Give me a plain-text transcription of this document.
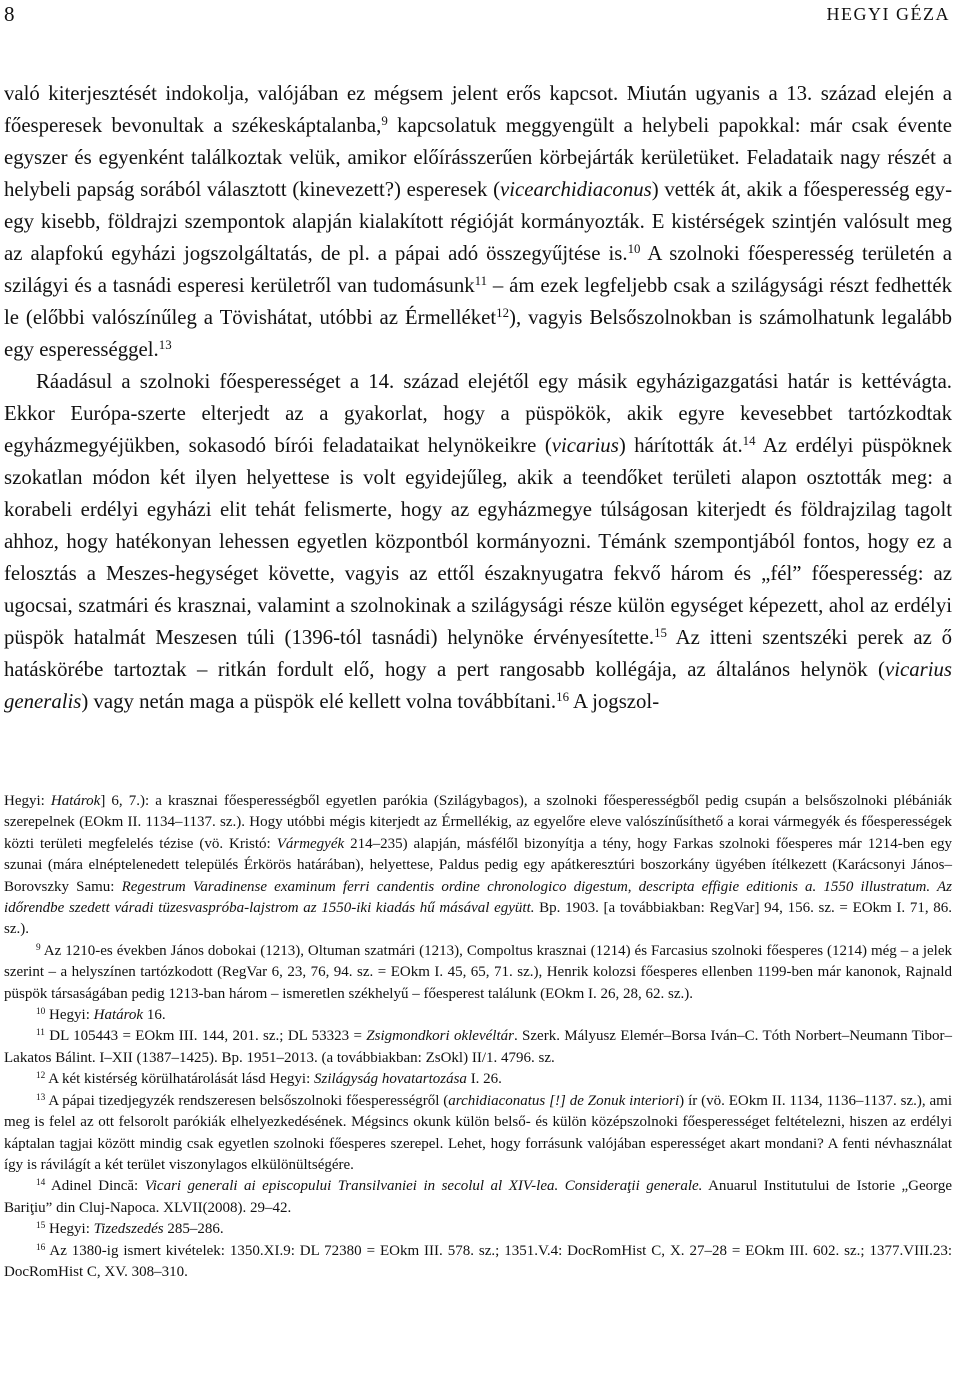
8	HEGYI GÉZA

való kiterjesztését indokolja, valójában ez mégsem jelent erős kapcsot. Miután ugyanis a 13. század elején a főesperesek bevonultak a székeskáptalanba,$^9$ kapcsolatuk meggyengült a helybeli papokkal: már csak évente egyszer és egyenként találkoztak velük, amikor előírásszerűen körbejárták kerületüket. Feladataik nagy részét a helybeli papság sorából választott (kinevezett?) esperesek (vicearchidiaconus) vették át, akik a főesperesség egy-egy kisebb, földrajzi szempontok alapján kialakított régióját kormányozták. E kistérségek szintjén valósult meg az alapfokú egyházi jogszolgáltatás, de pl. a pápai adó összegyűjtése is.$^{10}$ A szolnoki főesperesség területén a szilágyi és a tasnádi esperesi kerületről van tudomásunk$^{11}$ – ám ezek legfeljebb csak a szilágysági részt fedhették le (előbbi valószínűleg a Tövishátat, utóbbi az Érmelléket$^{12}$), vagyis Belsőszolnokban is számolhatunk legalább egy esperességgel.$^{13}$

Ráadásul a szolnoki főesperességet a 14. század elejétől egy másik egyházigazgatási határ is kettévágta. Ekkor Európa-szerte elterjedt az a gyakorlat, hogy a püspökök, akik egyre kevesebbet tartózkodtak egyházmegyéjükben, sokasodó bírói feladataikat helynökeikre (vicarius) hárították át.$^{14}$ Az erdélyi püspöknek szokatlan módon két ilyen helyettese is volt egyidejűleg, akik a teendőket területi alapon osztották meg: a korabeli erdélyi egyházi elit tehát felismerte, hogy az egyházmegye túlságosan kiterjedt és földrajzilag tagolt ahhoz, hogy hatékonyan lehessen egyetlen központból kormányozni. Témánk szempontjából fontos, hogy ez a felosztás a Meszes-hegységet követte, vagyis az ettől északnyugatra fekvő három és „fél” főesperesség: az ugocsai, szatmári és krasznai, valamint a szolnokinak a szilágysági része külön egységet képezett, ahol az erdélyi püspök hatalmát Meszesen túli (1396-tól tasnádi) helynöke érvényesítette.$^{15}$ Az itteni szentszéki perek az ő hatáskörébe tartoztak – ritkán fordult elő, hogy a pert rangosabb kollégája, az általános helynök (vicarius generalis) vagy netán maga a püspök elé kellett volna továbbítani.$^{16}$ A jogszol-

Hegyi: Határok] 6, 7.): a krasznai főesperességből egyetlen parókia (Szilágybagos), a szolnoki főesperességből pedig csupán a belsőszolnoki plébániák szerepelnek (EOkm II. 1134–1137. sz.). Hogy utóbbi mégis kiterjedt az Érmellékig, az egyelőre eleve valószínűsíthető a korai vármegyék és főesperességek közti területi megfelelés tézise (vö. Kristó: Vármegyék 214–235) alapján, másfélől bizonyítja a tény, hogy Farkas szolnoki főesperes már 1214-ben egy szunai (mára elnéptelenedett település Érkörös határában), helyettese, Paldus pedig egy apátkeresztúri boszorkány ügyében ítélkezett (Karácsonyi János–Borovszky Samu: Regestrum Varadinense examinum ferri candentis ordine chronologico digestum, descripta effigie editionis a. 1550 illustratum. Az időrendbe szedett váradi tüzesvaspróba-lajstrom az 1550-iki kiadás hű másával együtt. Bp. 1903. [a továbbiakban: RegVar] 94, 156. sz. = EOkm I. 71, 86. sz.).

$^9$ Az 1210-es években János dobokai (1213), Oltuman szatmári (1213), Compoltus krasznai (1214) és Farcasius szolnoki főesperes (1214) még – a jelek szerint – a helyszínen tartózkodott (RegVar 6, 23, 76, 94. sz. = EOkm I. 45, 65, 71. sz.), Henrik kolozsi főesperes ellenben 1199-ben már kanonok, Rajnald püspök társaságában pedig 1213-ban három – ismeretlen székhelyű – főesperest találunk (EOkm I. 26, 28, 62. sz.).

$^{10}$ Hegyi: Határok 16.

$^{11}$ DL 105443 = EOkm III. 144, 201. sz.; DL 53323 = Zsigmondkori oklevéltár. Szerk. Mályusz Elemér–Borsa Iván–C. Tóth Norbert–Neumann Tibor–Lakatos Bálint. I–XII (1387–1425). Bp. 1951–2013. (a továbbiakban: ZsOkl) II/1. 4796. sz.

$^{12}$ A két kistérség körülhatárolását lásd Hegyi: Szilágyság hovatartozása I. 26.

$^{13}$ A pápai tizedjegyzék rendszeresen belsőszolnoki főesperességről (archidiaconatus [!] de Zonuk interiori) ír (vö. EOkm II. 1134, 1136–1137. sz.), ami meg is felel az ott felsorolt parókiák elhelyezkedésének. Mégsincs okunk külön belső- és külön középszolnoki főesperességet feltételezni, hiszen az erdélyi káptalan tagjai között mindig csak egyetlen szolnoki főesperes szerepel. Lehet, hogy forrásunk valójában esperességet akart mondani? A fenti névhasználat így is rávilágít a két terület viszonylagos elkülönültségére.

$^{14}$ Adinel Dincă: Vicari generali ai episcopului Transilvaniei in secolul al XIV-lea. Consideraţii generale. Anuarul Institutului de Istorie „George Bariţiu” din Cluj-Napoca. XLVII(2008). 29–42.

$^{15}$ Hegyi: Tizedszedés 285–286.

$^{16}$ Az 1380-ig ismert kivételek: 1350.XI.9: DL 72380 = EOkm III. 578. sz.; 1351.V.4: DocRomHist C, X. 27–28 = EOkm III. 602. sz.; 1377.VIII.23: DocRomHist C, XV. 308–310.
